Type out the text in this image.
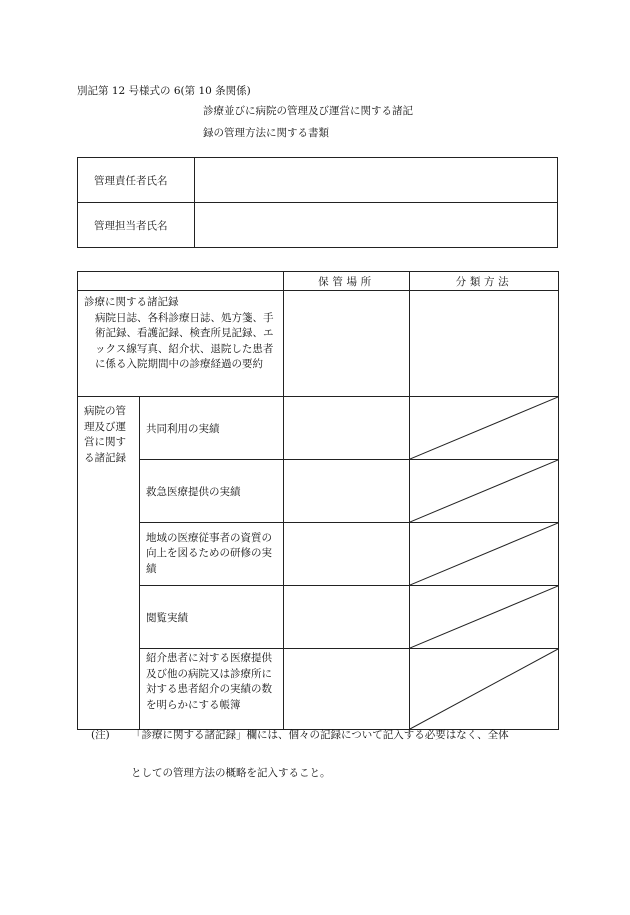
別記第 12 号様式の 6(第 10 条関係)
診療並びに病院の管理及び運営に関する諸記
録の管理方法に関する書類
管理責任者氏名	
管理担当者氏名	
		保管場所	分類方法

診療に関する諸記録
病院日誌、各科診療日誌、処方箋、手術記録、看護記録、検査所見記録、エックス線写真、紹介状、退院した患者に係る入院期間中の診療経過の要約			

病院の管理及び運営に関する諸記録	共同利用の実績		

	救急医療提供の実績		

	地域の医療従事者の資質の向上を図るための研修の実績

	閲覧実績		

	紹介患者に対する医療提供及び他の病院又は診療所に対する患者紹介の実績の数を明らかにする帳簿

(注) 「診療に関する諸記録」欄には、個々の記録について記入する必要はなく、全体
としての管理方法の概略を記入すること。
